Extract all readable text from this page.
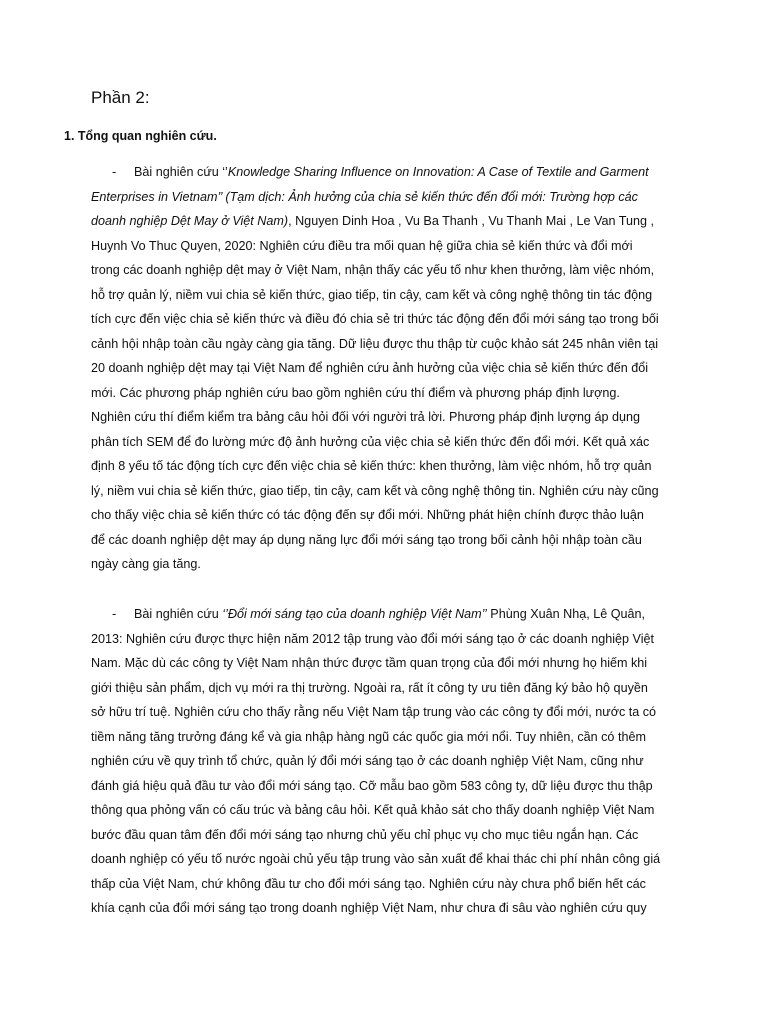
Phần 2:
1. Tổng quan nghiên cứu.
- Bài nghiên cứu ‘’Knowledge Sharing Influence on Innovation: A Case of Textile and Garment
Enterprises in Vietnam’’ (Tạm dịch: Ảnh hưởng của chia sẻ kiến thức đến đổi mới: Trường hợp các
doanh nghiệp Dệt May ở Việt Nam), Nguyen Dinh Hoa , Vu Ba Thanh , Vu Thanh Mai , Le Van Tung ,
Huynh Vo Thuc Quyen, 2020: Nghiên cứu điều tra mối quan hệ giữa chia sẻ kiến thức và đổi mới
trong các doanh nghiệp dệt may ở Việt Nam, nhận thấy các yếu tố như khen thưởng, làm việc nhóm,
hỗ trợ quản lý, niềm vui chia sẻ kiến thức, giao tiếp, tin cậy, cam kết và công nghệ thông tin tác động
tích cực đến việc chia sẻ kiến thức và điều đó chia sẻ tri thức tác động đến đổi mới sáng tạo trong bối
cảnh hội nhập toàn cầu ngày càng gia tăng. Dữ liệu được thu thập từ cuộc khảo sát 245 nhân viên tại
20 doanh nghiệp dệt may tại Việt Nam để nghiên cứu ảnh hưởng của việc chia sẻ kiến thức đến đổi
mới. Các phương pháp nghiên cứu bao gồm nghiên cứu thí điểm và phương pháp định lượng.
Nghiên cứu thí điểm kiểm tra bảng câu hỏi đối với người trả lời. Phương pháp định lượng áp dụng
phân tích SEM để đo lường mức độ ảnh hưởng của việc chia sẻ kiến thức đến đổi mới. Kết quả xác
định 8 yếu tố tác động tích cực đến việc chia sẻ kiến thức: khen thưởng, làm việc nhóm, hỗ trợ quản
lý, niềm vui chia sẻ kiến thức, giao tiếp, tin cậy, cam kết và công nghệ thông tin. Nghiên cứu này cũng
cho thấy việc chia sẻ kiến thức có tác động đến sự đổi mới. Những phát hiện chính được thảo luận
để các doanh nghiệp dệt may áp dụng năng lực đổi mới sáng tạo trong bối cảnh hội nhập toàn cầu
ngày càng gia tăng.
- Bài nghiên cứu ‘’Đổi mới sáng tạo của doanh nghiệp Việt Nam’’ Phùng Xuân Nhạ, Lê Quân,
2013: Nghiên cứu được thực hiện năm 2012 tập trung vào đổi mới sáng tạo ở các doanh nghiệp Việt
Nam. Mặc dù các công ty Việt Nam nhận thức được tầm quan trọng của đổi mới nhưng họ hiếm khi
giới thiệu sản phẩm, dịch vụ mới ra thị trường. Ngoài ra, rất ít công ty ưu tiên đăng ký bảo hộ quyền
sở hữu trí tuệ. Nghiên cứu cho thấy rằng nếu Việt Nam tập trung vào các công ty đổi mới, nước ta có
tiềm năng tăng trưởng đáng kể và gia nhập hàng ngũ các quốc gia mới nổi. Tuy nhiên, cần có thêm
nghiên cứu về quy trình tổ chức, quản lý đổi mới sáng tạo ở các doanh nghiệp Việt Nam, cũng như
đánh giá hiệu quả đầu tư vào đổi mới sáng tạo. Cỡ mẫu bao gồm 583 công ty, dữ liệu được thu thập
thông qua phỏng vấn có cấu trúc và bảng câu hỏi. Kết quả khảo sát cho thấy doanh nghiệp Việt Nam
bước đầu quan tâm đến đổi mới sáng tạo nhưng chủ yếu chỉ phục vụ cho mục tiêu ngắn hạn. Các
doanh nghiệp có yếu tố nước ngoài chủ yếu tập trung vào sản xuất để khai thác chi phí nhân công giá
thấp của Việt Nam, chứ không đầu tư cho đổi mới sáng tạo. Nghiên cứu này chưa phổ biến hết các
khía cạnh của đổi mới sáng tạo trong doanh nghiệp Việt Nam, như chưa đi sâu vào nghiên cứu quy
